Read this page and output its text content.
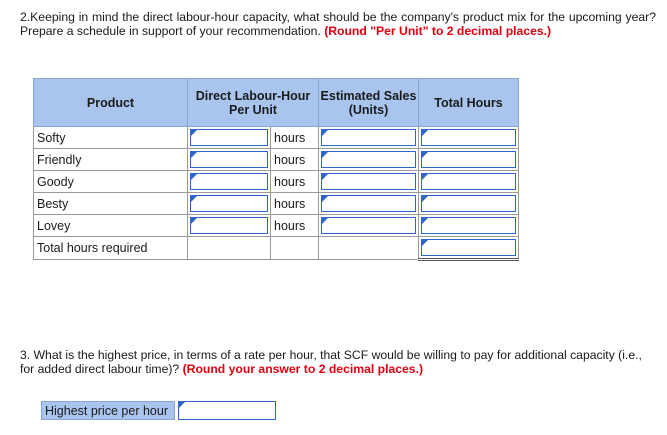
2.Keeping in mind the direct labour-hour capacity, what should be the company's product mix for the upcoming year? Prepare a schedule in support of your recommendation. (Round "Per Unit" to 2 decimal places.)
Product	Direct Labour-Hour Per Unit		Estimated Sales (Units)	Total Hours
Softy		hours	

Friendly		hours	

Goody		hours	

Besty		hours	

Lovey		hours	

Total hours required				
3. What is the highest price, in terms of a rate per hour, that SCF would be willing to pay for additional capacity (i.e., for added direct labour time)? (Round your answer to 2 decimal places.)
Highest price per hour
